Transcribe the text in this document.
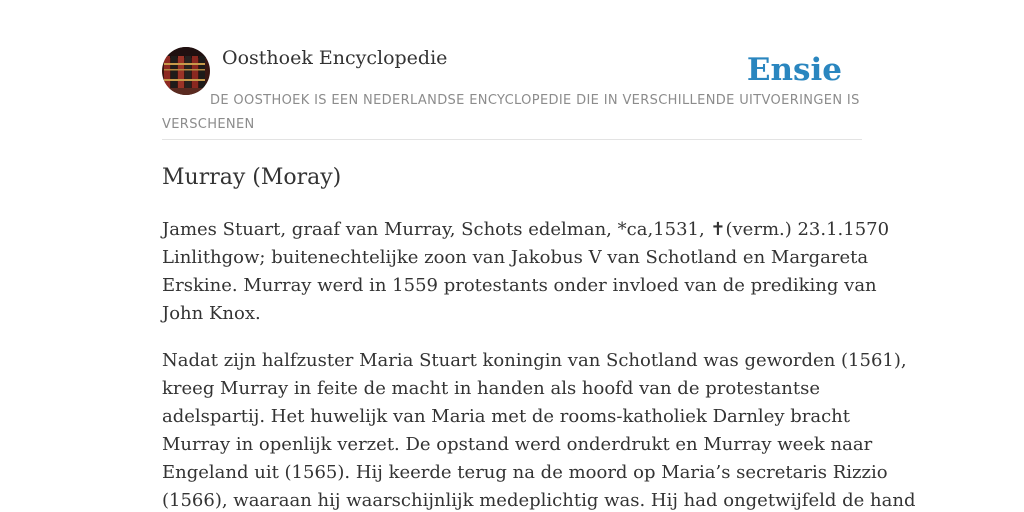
Oosthoek Encyclopedie	Ensie
DE OOSTHOEK IS EEN NEDERLANDSE ENCYCLOPEDIE DIE IN VERSCHILLENDE UITVOERINGEN IS VERSCHENEN
Murray (Moray)
James Stuart, graaf van Murray, Schots edelman, *ca,1531, ✝(verm.) 23.1.1570
Linlithgow; buitenechtelijke zoon van Jakobus V van Schotland en Margareta
Erskine. Murray werd in 1559 protestants onder invloed van de prediking van
John Knox.
Nadat zijn halfzuster Maria Stuart koningin van Schotland was geworden (1561),
kreeg Murray in feite de macht in handen als hoofd van de protestantse
adelspartij. Het huwelijk van Maria met de rooms-katholiek Darnley bracht
Murray in openlijk verzet. De opstand werd onderdrukt en Murray week naar
Engeland uit (1565). Hij keerde terug na de moord op Maria’s secretaris Rizzio
(1566), waaraan hij waarschijnlijk medeplichtig was. Hij had ongetwijfeld de hand
